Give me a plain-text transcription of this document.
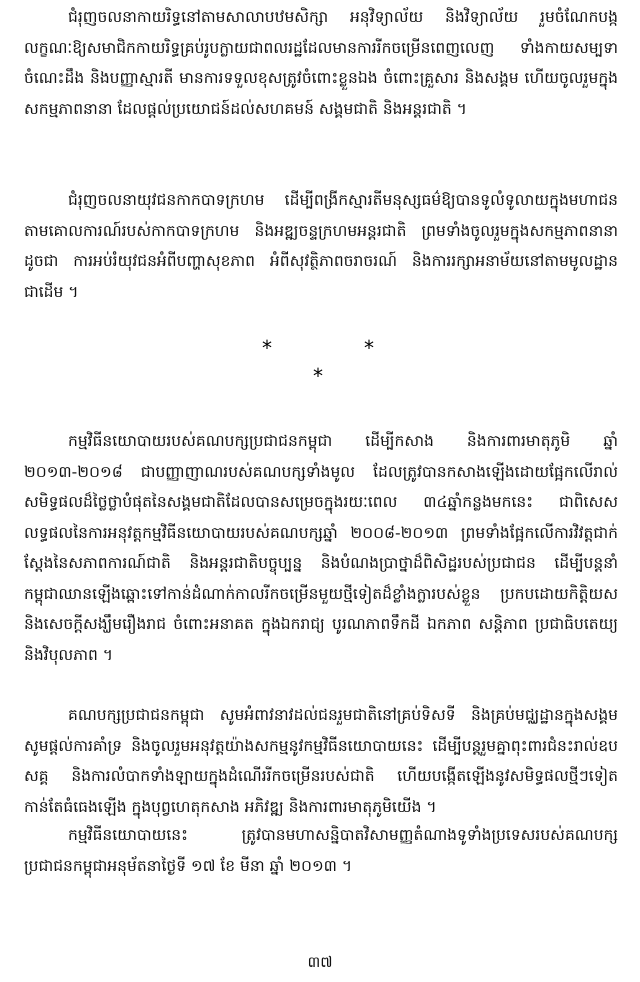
ជំរុញចលនាកាយរិទ្ធនៅតាមសាលាបឋមសិក្សា អនុវិទ្យាល័យ និងវិទ្យាល័យ រួមចំណែកបង្កលក្ខណៈឱ្យសមាជិកកាយរិទ្ធគ្រប់រូបក្លាយជាពលរដ្ឋដែលមានការរីកចម្រើនពេញលេញ ទាំងកាយសម្បទា ចំណេះដឹង និងបញ្ញាស្មារតី មានការទទួលខុសត្រូវចំពោះខ្លួនឯង ចំពោះគ្រួសារ និងសង្គម ហើយចូលរួមក្នុងសកម្មភាពនានា ដែលផ្តល់ប្រយោជន៍ដល់សហគមន៍ សង្គមជាតិ និងអន្តរជាតិ ។

ជំរុញចលនាយុវជនកាកបាទក្រហម ដើម្បីពង្រីកស្មារតីមនុស្សធម៌ឱ្យបានទូលំទូលាយក្នុងមហាជន តាមគោលការណ៍របស់កាកបាទក្រហម និងអឌ្ឍចន្ទក្រហមអន្តរជាតិ ព្រមទាំងចូលរួមក្នុងសកម្មភាពនានាដូចជា ការអប់រំយុវជនអំពីបញ្ហាសុខភាព អំពីសុវត្ថិភាពចរាចរណ៍ និងការរក្សាអនាម័យនៅតាមមូលដ្ឋានជាដើម ។

*	*
*

កម្មវិធីនយោបាយរបស់គណបក្សប្រជាជនកម្ពុជា ដើម្បីកសាង និងការពារមាតុភូមិ ឆ្នាំ ២០១៣-២០១៨ ជាបញ្ញាញាណរបស់គណបក្សទាំងមូល ដែលត្រូវបានកសាងឡើងដោយផ្អែកលើរាល់សមិទ្ធផលដ៏ថ្លៃថ្លាបំផុតនៃសង្គមជាតិដែលបានសម្រេចក្នុងរយៈពេល ៣៤ឆ្នាំកន្លងមកនេះ ជាពិសេសលទ្ធផលនៃការអនុវត្តកម្មវិធីនយោបាយរបស់គណបក្សឆ្នាំ ២០០៨-២០១៣ ព្រមទាំងផ្អែកលើការវិវត្តជាក់ស្តែងនៃសភាពការណ៍ជាតិ និងអន្តរជាតិបច្ចុប្បន្ន និងបំណងប្រាថ្នាដ៏ពិសិដ្ឋរបស់ប្រជាជន ដើម្បីបន្តនាំកម្ពុជាឈានឡើងឆ្ពោះទៅកាន់ដំណាក់កាលរីកចម្រើនមួយថ្មីទៀតដ៏ខ្លាំងក្លារបស់ខ្លួន ប្រកបដោយកិត្តិយស និងសេចក្តីសង្ឃឹមរឿងរាជ ចំពោះអនាគត ក្នុងឯករាជ្យ បូរណភាពទឹកដី ឯកភាព សន្តិភាព ប្រជាធិបតេយ្យ និងវិបុលភាព ។

គណបក្សប្រជាជនកម្ពុជា សូមអំពាវនាវដល់ជនរួមជាតិនៅគ្រប់ទិសទី និងគ្រប់មជ្ឈដ្ឋានក្នុងសង្គម សូមផ្តល់ការគាំទ្រ និងចូលរួមអនុវត្តយ៉ាងសកម្មនូវកម្មវិធីនយោបាយនេះ ដើម្បីបន្តរួមគ្នាពុះពារជំនះរាល់ឧបសគ្គ និងការលំបាកទាំងឡាយក្នុងដំណើររីកចម្រើនរបស់ជាតិ ហើយបង្កើតឡើងនូវសមិទ្ធផលថ្មីៗទៀតកាន់តែធំធេងឡើង ក្នុងបុព្វហេតុកសាង អភិវឌ្ឍ និងការពារមាតុភូមិយើង ។

កម្មវិធីនយោបាយនេះ ត្រូវបានមហាសន្និបាតវិសាមញ្ញតំណាងទូទាំងប្រទេសរបស់គណបក្សប្រជាជនកម្ពុជាអនុម័តនាថ្ងៃទី ១៧ ខែ មីនា ឆ្នាំ ២០១៣ ។

៣៧
